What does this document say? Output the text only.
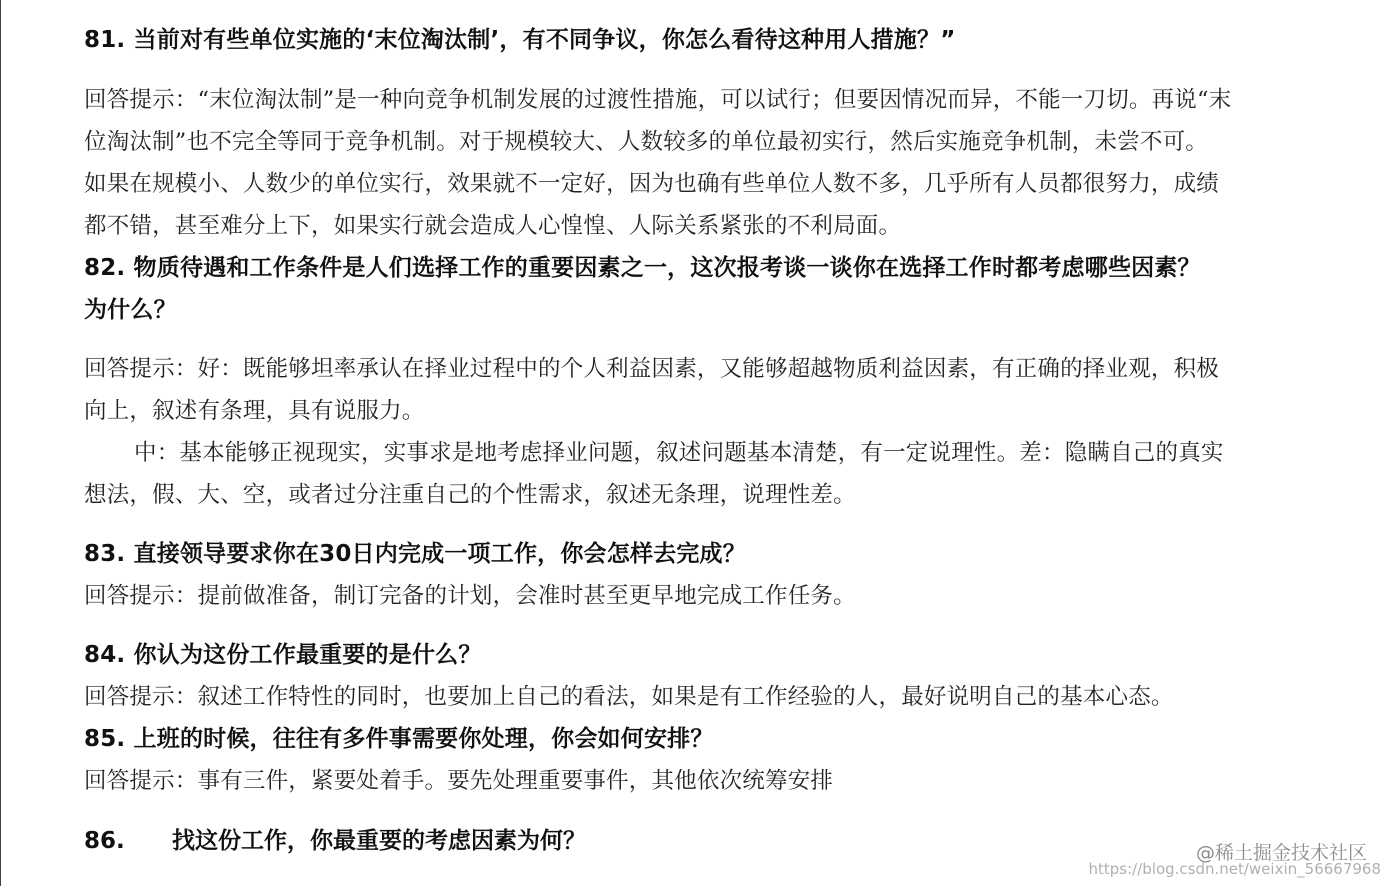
81. 当前对有些单位实施的‘末位淘汰制’，有不同争议，你怎么看待这种用人措施？”
回答提示：“末位淘汰制”是一种向竞争机制发展的过渡性措施，可以试行；但要因情况而异，不能一刀切。再说“末
位淘汰制”也不完全等同于竞争机制。对于规模较大、人数较多的单位最初实行，然后实施竞争机制，未尝不可。
如果在规模小、人数少的单位实行，效果就不一定好，因为也确有些单位人数不多，几乎所有人员都很努力，成绩
都不错，甚至难分上下，如果实行就会造成人心惶惶、人际关系紧张的不利局面。
82. 物质待遇和工作条件是人们选择工作的重要因素之一，这次报考谈一谈你在选择工作时都考虑哪些因素？
为什么？
回答提示：好：既能够坦率承认在择业过程中的个人利益因素，又能够超越物质利益因素，有正确的择业观，积极
向上，叙述有条理，具有说服力。
中：基本能够正视现实，实事求是地考虑择业问题，叙述问题基本清楚，有一定说理性。差：隐瞒自己的真实
想法，假、大、空，或者过分注重自己的个性需求，叙述无条理，说理性差。
83. 直接领导要求你在30日内完成一项工作，你会怎样去完成？
回答提示：提前做准备，制订完备的计划，会准时甚至更早地完成工作任务。
84. 你认为这份工作最重要的是什么？
回答提示：叙述工作特性的同时，也要加上自己的看法，如果是有工作经验的人，最好说明自己的基本心态。
85. 上班的时候，往往有多件事需要你处理，你会如何安排？
回答提示：事有三件，紧要处着手。要先处理重要事件，其他依次统筹安排
86. 找这份工作，你最重要的考虑因素为何？	@稀土掘金技术社区
https://blog.csdn.net/weixin_56667968
